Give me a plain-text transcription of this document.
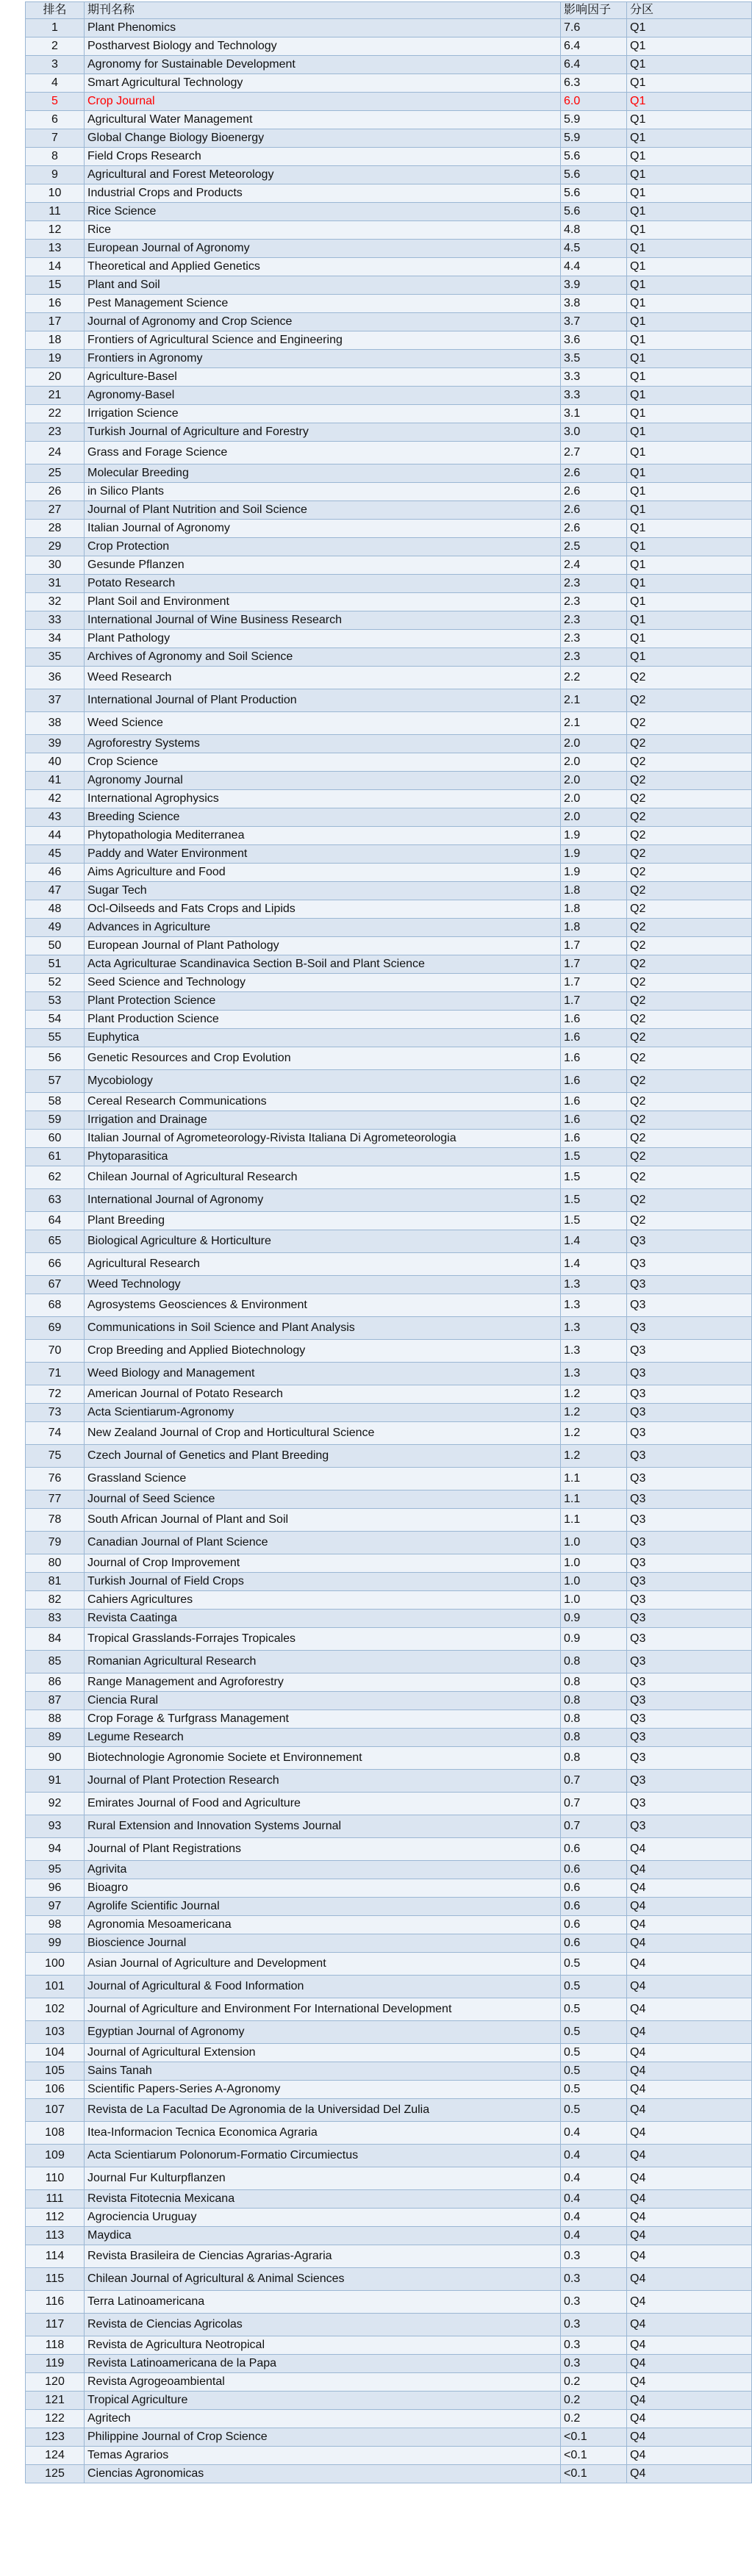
排名	期刊名称	影响因子	分区
1	Plant Phenomics	7.6	Q1
2	Postharvest Biology and Technology	6.4	Q1
3	Agronomy for Sustainable Development	6.4	Q1
4	Smart Agricultural Technology	6.3	Q1
5	Crop Journal	6.0	Q1
6	Agricultural Water Management	5.9	Q1
7	Global Change Biology Bioenergy	5.9	Q1
8	Field Crops Research	5.6	Q1
9	Agricultural and Forest Meteorology	5.6	Q1
10	Industrial Crops and Products	5.6	Q1
11	Rice Science	5.6	Q1
12	Rice	4.8	Q1
13	European Journal of Agronomy	4.5	Q1
14	Theoretical and Applied Genetics	4.4	Q1
15	Plant and Soil	3.9	Q1
16	Pest Management Science	3.8	Q1
17	Journal of Agronomy and Crop Science	3.7	Q1
18	Frontiers of Agricultural Science and Engineering	3.6	Q1
19	Frontiers in Agronomy	3.5	Q1
20	Agriculture-Basel	3.3	Q1
21	Agronomy-Basel	3.3	Q1
22	Irrigation Science	3.1	Q1
23	Turkish Journal of Agriculture and Forestry	3.0	Q1
24	Grass and Forage Science	2.7	Q1
25	Molecular Breeding	2.6	Q1
26	in Silico Plants	2.6	Q1
27	Journal of Plant Nutrition and Soil Science	2.6	Q1
28	Italian Journal of Agronomy	2.6	Q1
29	Crop Protection	2.5	Q1
30	Gesunde Pflanzen	2.4	Q1
31	Potato Research	2.3	Q1
32	Plant Soil and Environment	2.3	Q1
33	International Journal of Wine Business Research	2.3	Q1
34	Plant Pathology	2.3	Q1
35	Archives of Agronomy and Soil Science	2.3	Q1
36	Weed Research	2.2	Q2
37	International Journal of Plant Production	2.1	Q2
38	Weed Science	2.1	Q2
39	Agroforestry Systems	2.0	Q2
40	Crop Science	2.0	Q2
41	Agronomy Journal	2.0	Q2
42	International Agrophysics	2.0	Q2
43	Breeding Science	2.0	Q2
44	Phytopathologia Mediterranea	1.9	Q2
45	Paddy and Water Environment	1.9	Q2
46	Aims Agriculture and Food	1.9	Q2
47	Sugar Tech	1.8	Q2
48	Ocl-Oilseeds and Fats Crops and Lipids	1.8	Q2
49	Advances in Agriculture	1.8	Q2
50	European Journal of Plant Pathology	1.7	Q2
51	Acta Agriculturae Scandinavica Section B-Soil and Plant Science	1.7	Q2
52	Seed Science and Technology	1.7	Q2
53	Plant Protection Science	1.7	Q2
54	Plant Production Science	1.6	Q2
55	Euphytica	1.6	Q2
56	Genetic Resources and Crop Evolution	1.6	Q2
57	Mycobiology	1.6	Q2
58	Cereal Research Communications	1.6	Q2
59	Irrigation and Drainage	1.6	Q2
60	Italian Journal of Agrometeorology-Rivista Italiana Di Agrometeorologia	1.6	Q2
61	Phytoparasitica	1.5	Q2
62	Chilean Journal of Agricultural Research	1.5	Q2
63	International Journal of Agronomy	1.5	Q2
64	Plant Breeding	1.5	Q2
65	Biological Agriculture & Horticulture	1.4	Q3
66	Agricultural Research	1.4	Q3
67	Weed Technology	1.3	Q3
68	Agrosystems Geosciences & Environment	1.3	Q3
69	Communications in Soil Science and Plant Analysis	1.3	Q3
70	Crop Breeding and Applied Biotechnology	1.3	Q3
71	Weed Biology and Management	1.3	Q3
72	American Journal of Potato Research	1.2	Q3
73	Acta Scientiarum-Agronomy	1.2	Q3
74	New Zealand Journal of Crop and Horticultural Science	1.2	Q3
75	Czech Journal of Genetics and Plant Breeding	1.2	Q3
76	Grassland Science	1.1	Q3
77	Journal of Seed Science	1.1	Q3
78	South African Journal of Plant and Soil	1.1	Q3
79	Canadian Journal of Plant Science	1.0	Q3
80	Journal of Crop Improvement	1.0	Q3
81	Turkish Journal of Field Crops	1.0	Q3
82	Cahiers Agricultures	1.0	Q3
83	Revista Caatinga	0.9	Q3
84	Tropical Grasslands-Forrajes Tropicales	0.9	Q3
85	Romanian Agricultural Research	0.8	Q3
86	Range Management and Agroforestry	0.8	Q3
87	Ciencia Rural	0.8	Q3
88	Crop Forage & Turfgrass Management	0.8	Q3
89	Legume Research	0.8	Q3
90	Biotechnologie Agronomie Societe et Environnement	0.8	Q3
91	Journal of Plant Protection Research	0.7	Q3
92	Emirates Journal of Food and Agriculture	0.7	Q3
93	Rural Extension and Innovation Systems Journal	0.7	Q3
94	Journal of Plant Registrations	0.6	Q4
95	Agrivita	0.6	Q4
96	Bioagro	0.6	Q4
97	Agrolife Scientific Journal	0.6	Q4
98	Agronomia Mesoamericana	0.6	Q4
99	Bioscience Journal	0.6	Q4
100	Asian Journal of Agriculture and Development	0.5	Q4
101	Journal of Agricultural & Food Information	0.5	Q4
102	Journal of Agriculture and Environment For International Development	0.5	Q4
103	Egyptian Journal of Agronomy	0.5	Q4
104	Journal of Agricultural Extension	0.5	Q4
105	Sains Tanah	0.5	Q4
106	Scientific Papers-Series A-Agronomy	0.5	Q4
107	Revista de La Facultad De Agronomia de la Universidad Del Zulia	0.5	Q4
108	Itea-Informacion Tecnica Economica Agraria	0.4	Q4
109	Acta Scientiarum Polonorum-Formatio Circumiectus	0.4	Q4
110	Journal Fur Kulturpflanzen	0.4	Q4
111	Revista Fitotecnia Mexicana	0.4	Q4
112	Agrociencia Uruguay	0.4	Q4
113	Maydica	0.4	Q4
114	Revista Brasileira de Ciencias Agrarias-Agraria	0.3	Q4
115	Chilean Journal of Agricultural & Animal Sciences	0.3	Q4
116	Terra Latinoamericana	0.3	Q4
117	Revista de Ciencias Agricolas	0.3	Q4
118	Revista de Agricultura Neotropical	0.3	Q4
119	Revista Latinoamericana de la Papa	0.3	Q4
120	Revista Agrogeoambiental	0.2	Q4
121	Tropical Agriculture	0.2	Q4
122	Agritech	0.2	Q4
123	Philippine Journal of Crop Science	<0.1	Q4
124	Temas Agrarios	<0.1	Q4
125	Ciencias Agronomicas	<0.1	Q4
